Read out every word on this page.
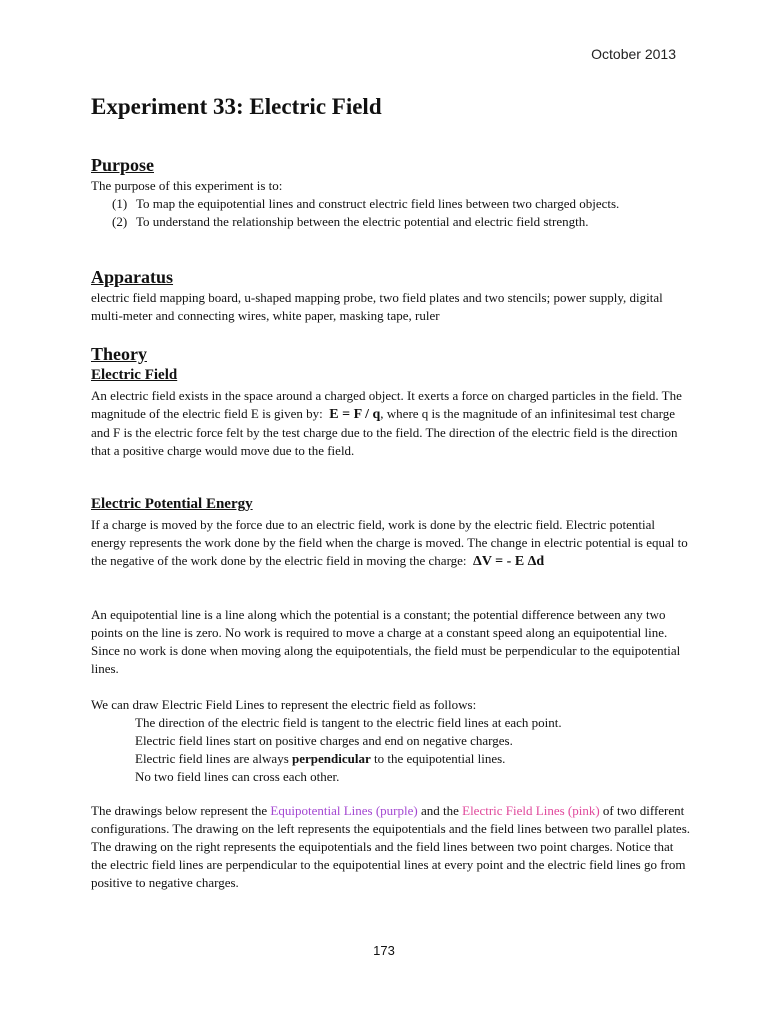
October 2013
Experiment 33: Electric Field
Purpose
The purpose of this experiment is to:
(1) To map the equipotential lines and construct electric field lines between two charged objects.
(2) To understand the relationship between the electric potential and electric field strength.
Apparatus
electric field mapping board, u-shaped mapping probe, two field plates and two stencils; power supply, digital multi-meter and connecting wires, white paper, masking tape, ruler
Theory
Electric Field
An electric field exists in the space around a charged object. It exerts a force on charged particles in the field. The magnitude of the electric field E is given by: E = F / q, where q is the magnitude of an infinitesimal test charge and F is the electric force felt by the test charge due to the field. The direction of the electric field is the direction that a positive charge would move due to the field.
Electric Potential Energy
If a charge is moved by the force due to an electric field, work is done by the electric field. Electric potential energy represents the work done by the field when the charge is moved. The change in electric potential is equal to the negative of the work done by the electric field in moving the charge: ΔV = - E Δd
An equipotential line is a line along which the potential is a constant; the potential difference between any two points on the line is zero. No work is required to move a charge at a constant speed along an equipotential line. Since no work is done when moving along the equipotentials, the field must be perpendicular to the equipotential lines.
We can draw Electric Field Lines to represent the electric field as follows:
The direction of the electric field is tangent to the electric field lines at each point.
Electric field lines start on positive charges and end on negative charges.
Electric field lines are always perpendicular to the equipotential lines.
No two field lines can cross each other.
The drawings below represent the Equipotential Lines (purple) and the Electric Field Lines (pink) of two different configurations. The drawing on the left represents the equipotentials and the field lines between two parallel plates. The drawing on the right represents the equipotentials and the field lines between two point charges. Notice that the electric field lines are perpendicular to the equipotential lines at every point and the electric field lines go from positive to negative charges.
173
